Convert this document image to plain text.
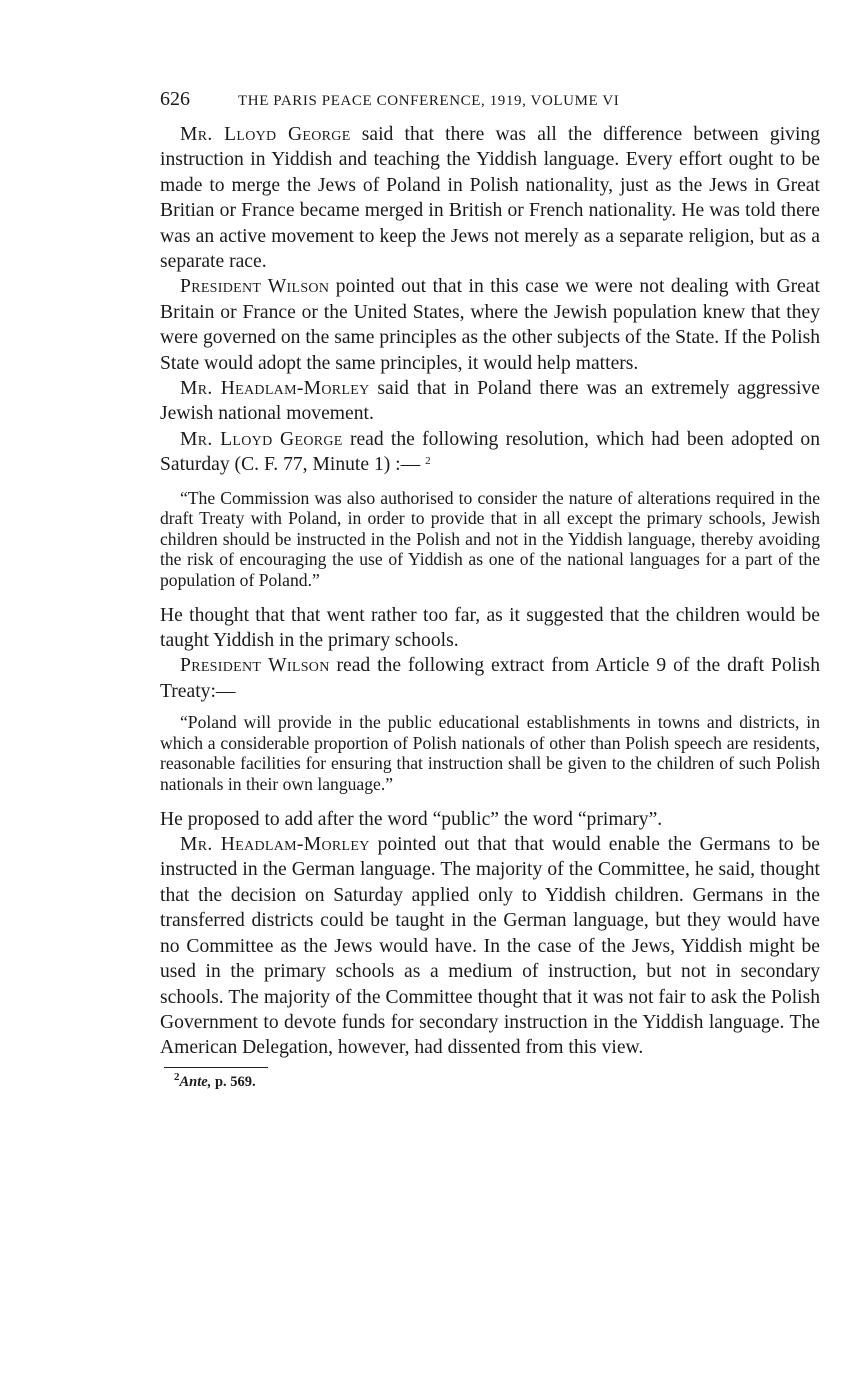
626	THE PARIS PEACE CONFERENCE, 1919, VOLUME VI

Mr. Lloyd George said that there was all the difference between giving instruction in Yiddish and teaching the Yiddish language. Every effort ought to be made to merge the Jews of Poland in Polish nationality, just as the Jews in Great Britian or France became merged in British or French nationality. He was told there was an active movement to keep the Jews not merely as a separate religion, but as a separate race.

President Wilson pointed out that in this case we were not dealing with Great Britain or France or the United States, where the Jewish population knew that they were governed on the same principles as the other subjects of the State. If the Polish State would adopt the same principles, it would help matters.

Mr. Headlam-Morley said that in Poland there was an extremely aggressive Jewish national movement.

Mr. Lloyd George read the following resolution, which had been adopted on Saturday (C. F. 77, Minute 1) :— $^2$

“The Commission was also authorised to consider the nature of alterations required in the draft Treaty with Poland, in order to provide that in all except the primary schools, Jewish children should be instructed in the Polish and not in the Yiddish language, thereby avoiding the risk of encouraging the use of Yiddish as one of the national languages for a part of the population of Poland.”

He thought that that went rather too far, as it suggested that the children would be taught Yiddish in the primary schools.

President Wilson read the following extract from Article 9 of the draft Polish Treaty:—

“Poland will provide in the public educational establishments in towns and districts, in which a considerable proportion of Polish nationals of other than Polish speech are residents, reasonable facilities for ensuring that instruction shall be given to the children of such Polish nationals in their own language.”

He proposed to add after the word “public” the word “primary”.

Mr. Headlam-Morley pointed out that that would enable the Germans to be instructed in the German language. The majority of the Committee, he said, thought that the decision on Saturday applied only to Yiddish children. Germans in the transferred districts could be taught in the German language, but they would have no Committee as the Jews would have. In the case of the Jews, Yiddish might be used in the primary schools as a medium of instruction, but not in secondary schools. The majority of the Committee thought that it was not fair to ask the Polish Government to devote funds for secondary instruction in the Yiddish language. The American Delegation, however, had dissented from this view.

$^2$Ante, p. 569.
